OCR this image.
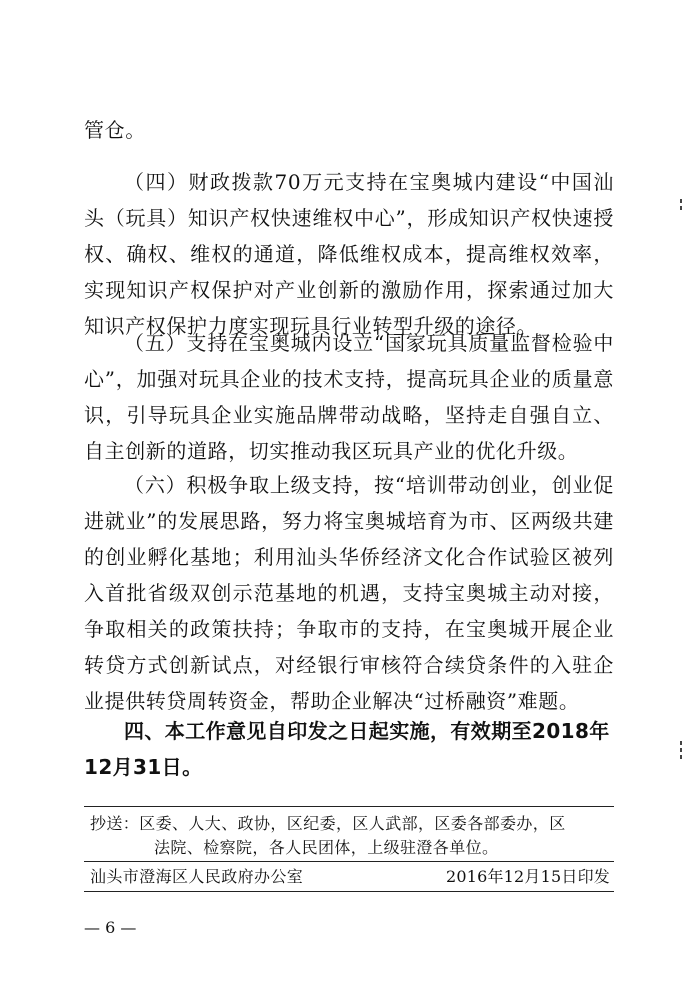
管仓。

（四）财政拨款70万元支持在宝奥城内建设“中国汕头（玩具）知识产权快速维权中心”，形成知识产权快速授权、确权、维权的通道，降低维权成本，提高维权效率，实现知识产权保护对产业创新的激励作用，探索通过加大知识产权保护力度实现玩具行业转型升级的途径。

（五）支持在宝奥城内设立“国家玩具质量监督检验中心”，加强对玩具企业的技术支持，提高玩具企业的质量意识，引导玩具企业实施品牌带动战略，坚持走自强自立、自主创新的道路，切实推动我区玩具产业的优化升级。

（六）积极争取上级支持，按“培训带动创业，创业促进就业”的发展思路，努力将宝奥城培育为市、区两级共建的创业孵化基地；利用汕头华侨经济文化合作试验区被列入首批省级双创示范基地的机遇，支持宝奥城主动对接，争取相关的政策扶持；争取市的支持，在宝奥城开展企业转贷方式创新试点，对经银行审核符合续贷条件的入驻企业提供转贷周转资金，帮助企业解决“过桥融资”难题。

四、本工作意见自印发之日起实施，有效期至2018年12月31日。

抄送：区委、人大、政协，区纪委，区人武部，区委各部委办，区
法院、检察院，各人民团体，上级驻澄各单位。
汕头市澄海区人民政府办公室	2016年12月15日印发
— 6 —
